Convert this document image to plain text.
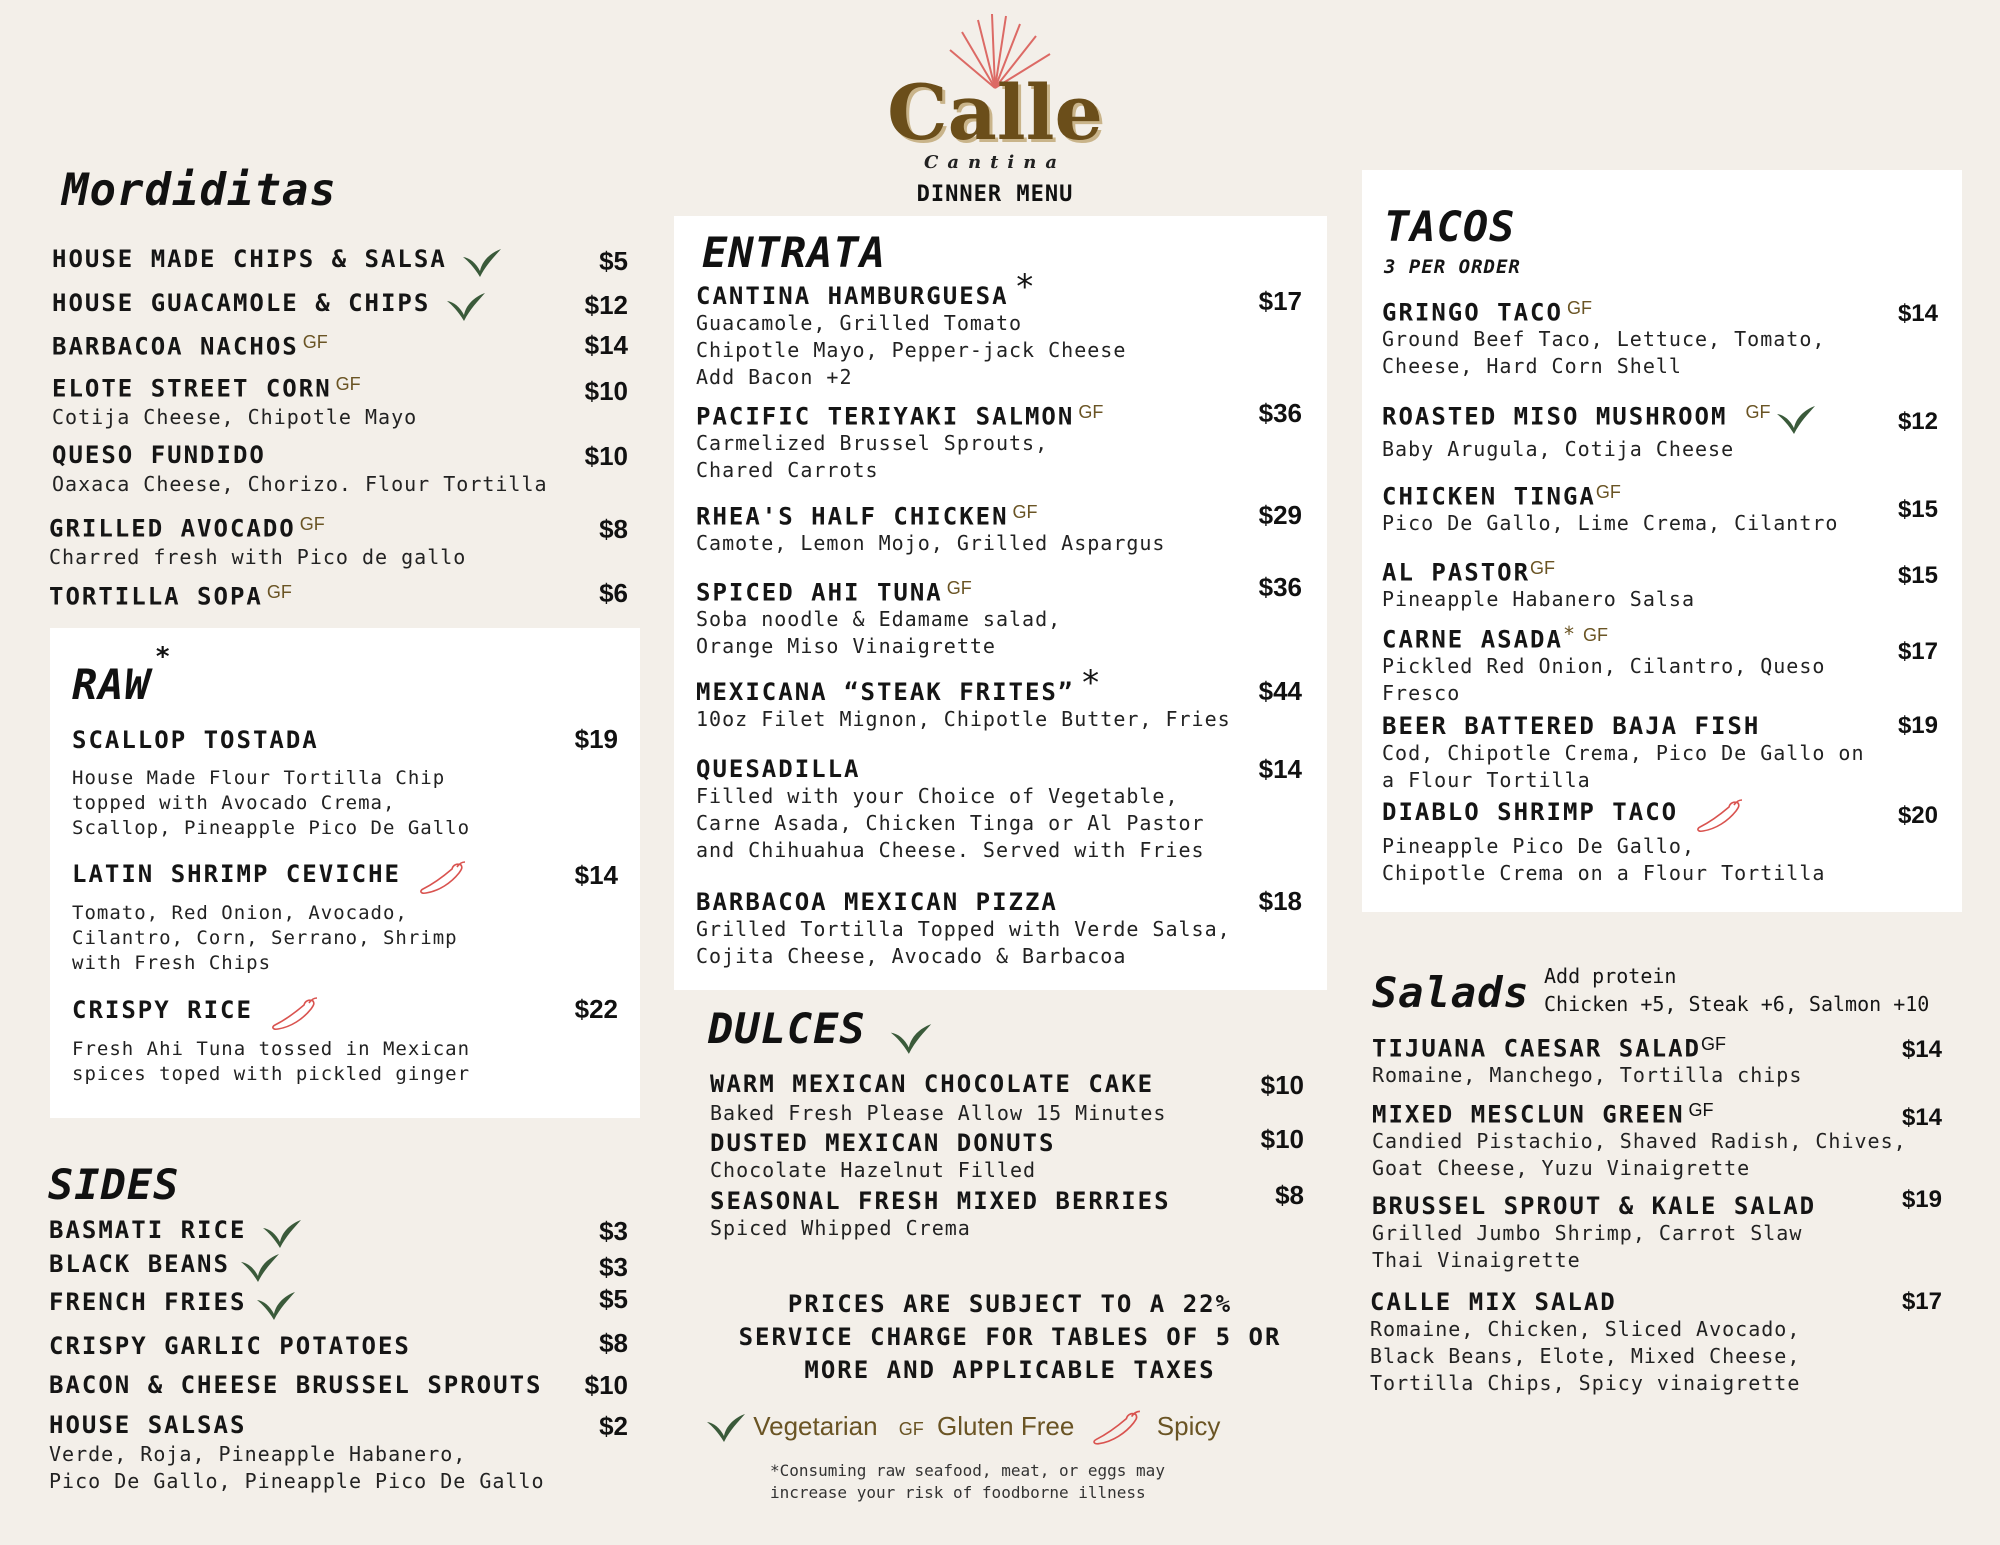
Calle
Cantina
DINNER MENU
Mordiditas
HOUSE MADE CHIPS & SALSA	$5
HOUSE GUACAMOLE & CHIPS	$12
BARBACOA NACHOS GF	$14
ELOTE STREET CORN GF
Cotija Cheese, Chipotle Mayo
$10
QUESO FUNDIDO
Oaxaca Cheese, Chorizo. Flour Tortilla
$10
GRILLED AVOCADO GF
Charred fresh with Pico de gallo
$8
TORTILLA SOPA GF	$6
RAW*
SCALLOP TOSTADA
House Made Flour Tortilla Chip
topped with Avocado Crema,
Scallop, Pineapple Pico De Gallo
$19
LATIN SHRIMP CEVICHE
Tomato, Red Onion, Avocado,
Cilantro, Corn, Serrano, Shrimp
with Fresh Chips
$14
CRISPY RICE
Fresh Ahi Tuna tossed in Mexican
spices toped with pickled ginger
$22
SIDES
BASMATI RICE	$3
BLACK BEANS	$3
FRENCH FRIES	$5
CRISPY GARLIC POTATOES	$8
BACON & CHEESE BRUSSEL SPROUTS	$10
HOUSE SALSAS
Verde, Roja, Pineapple Habanero,
Pico De Gallo, Pineapple Pico De Gallo
$2
ENTRATA
CANTINA HAMBURGUESA *
Guacamole, Grilled Tomato
Chipotle Mayo, Pepper-jack Cheese
Add Bacon +2
$17
PACIFIC TERIYAKI SALMON GF
Carmelized Brussel Sprouts,
Chared Carrots
$36
RHEA'S HALF CHICKEN GF
Camote, Lemon Mojo, Grilled Aspargus
$29
SPICED AHI TUNA GF
Soba noodle & Edamame salad,
Orange Miso Vinaigrette
$36
MEXICANA “STEAK FRITES” *
10oz Filet Mignon, Chipotle Butter, Fries
$44
QUESADILLA
Filled with your Choice of Vegetable,
Carne Asada, Chicken Tinga or Al Pastor
and Chihuahua Cheese. Served with Fries
$14
BARBACOA MEXICAN PIZZA
Grilled Tortilla Topped with Verde Salsa,
Cojita Cheese, Avocado & Barbacoa
$18
DULCES
WARM MEXICAN CHOCOLATE CAKE
Baked Fresh Please Allow 15 Minutes
$10
DUSTED MEXICAN DONUTS
Chocolate Hazelnut Filled
$10
SEASONAL FRESH MIXED BERRIES
Spiced Whipped Crema
$8
PRICES ARE SUBJECT TO A 22%
SERVICE CHARGE FOR TABLES OF 5 OR
MORE AND APPLICABLE TAXES
Vegetarian GF Gluten Free	Spicy
*Consuming raw seafood, meat, or eggs may
increase your risk of foodborne illness
TACOS
3 PER ORDER
GRINGO TACO GF
Ground Beef Taco, Lettuce, Tomato,
Cheese, Hard Corn Shell
$14
ROASTED MISO MUSHROOM GF
Baby Arugula, Cotija Cheese
$12
CHICKEN TINGAGF
Pico De Gallo, Lime Crema, Cilantro
$15
AL PASTORGF
Pineapple Habanero Salsa
$15
CARNE ASADA* GF
Pickled Red Onion, Cilantro, Queso
Fresco
$17
BEER BATTERED BAJA FISH
Cod, Chipotle Crema, Pico De Gallo on
a Flour Tortilla
$19
DIABLO SHRIMP TACO
Pineapple Pico De Gallo,
Chipotle Crema on a Flour Tortilla
$20
Salads Add protein
Chicken +5, Steak +6, Salmon +10
TIJUANA CAESAR SALADGF
Romaine, Manchego, Tortilla chips
$14
MIXED MESCLUN GREEN GF
Candied Pistachio, Shaved Radish, Chives,
Goat Cheese, Yuzu Vinaigrette
$14
BRUSSEL SPROUT & KALE SALAD
Grilled Jumbo Shrimp, Carrot Slaw
Thai Vinaigrette
$19
CALLE MIX SALAD
Romaine, Chicken, Sliced Avocado,
Black Beans, Elote, Mixed Cheese,
Tortilla Chips, Spicy vinaigrette
$17
